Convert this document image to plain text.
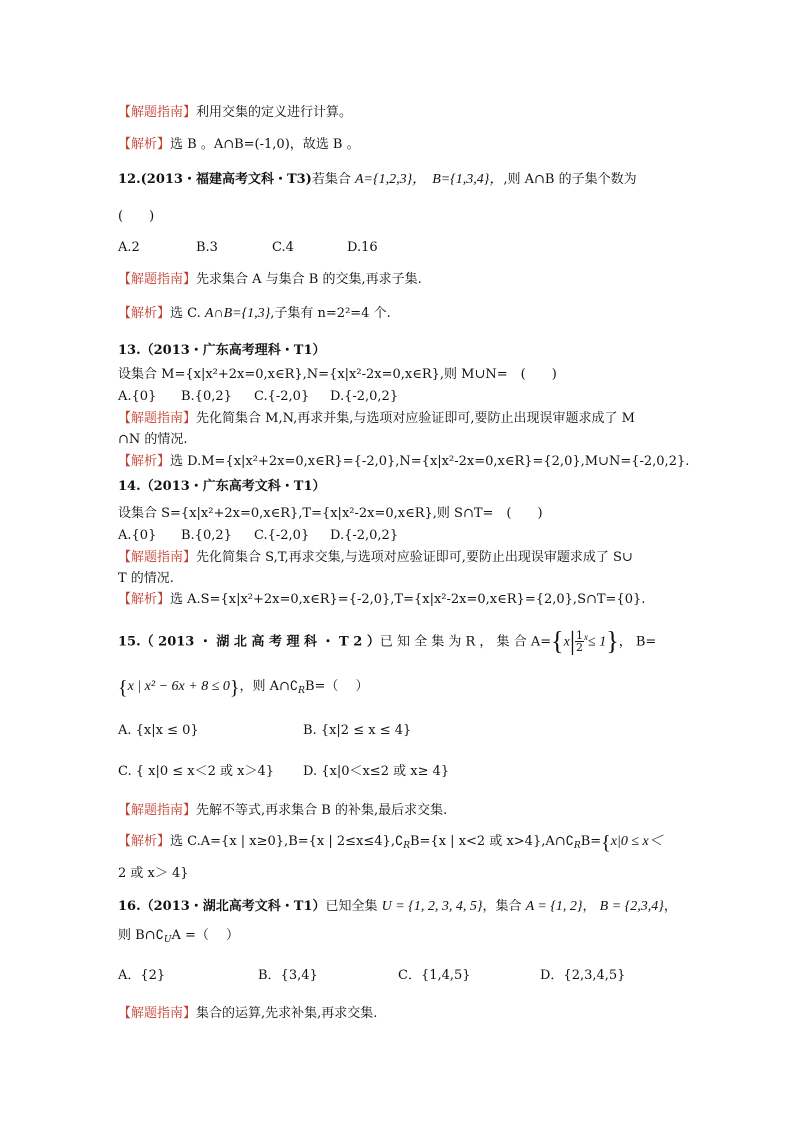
【解题指南】利用交集的定义进行计算。
【解析】选 B 。A∩B=(-1,0)，故选 B 。
12.(2013・福建高考文科・T3)若集合 A={1,2,3}，　 B={1,3,4}，,则 A∩B 的子集个数为
(　　)
A.2	B.3	C.4	D.16
【解题指南】先求集合 A 与集合 B 的交集,再求子集.
【解析】选 C. A∩B={1,3},子集有 n=2²=4 个.
13.（2013・广东高考理科・T1）
设集合 M={x|x²+2x=0,x∈R},N={x|x²-2x=0,x∈R},则 M∪N=　(　　)
A.{0} B.{0,2} C.{-2,0} D.{-2,0,2}
【解题指南】先化简集合 M,N,再求并集,与选项对应验证即可,要防止出现误审题求成了 M
∩N 的情况.
【解析】选 D.M={x|x²+2x=0,x∈R}={-2,0},N={x|x²-2x=0,x∈R}={2,0},M∪N={-2,0,2}.
14.（2013・广东高考文科・T1）
设集合 S={x|x²+2x=0,x∈R},T={x|x²-2x=0,x∈R},则 S∩T=　(　　)
A.{0} B.{0,2} C.{-2,0} D.{-2,0,2}
【解题指南】先化简集合 S,T,再求交集,与选项对应验证即可,要防止出现误审题求成了 S∪
T 的情况.
【解析】选 A.S={x|x²+2x=0,x∈R}={-2,0},T={x|x²-2x=0,x∈R}={2,0},S∩T={0}.
15.（ 2013 ・ 湖 北 高 考 理 科 ・ T 2 ）已 知 全 集 为 R ， 集 合 $A=\{x| \frac{1}{2} ^x\le 1\}$， B=
{x | x² − 6x + 8 ≤ 0}，则 $A\cap∁_RB=$（　 ）
A. {x|x ≤ 0}	B. {x|2 ≤ x ≤ 4}
C. { x|0 ≤ x＜2 或 x＞4} D. {x|0＜x≤2 或 x≥ 4}
【解题指南】先解不等式,再求集合 B 的补集,最后求交集.
【解析】选 C.A={x | x≥0},B={x | $2\le x\le 4\},∁_RB=\{x$ | x<2 或 $x>4\},A\cap∁_RB=\{x|0 \le x<$
2 或 x＞ 4}
16.（2013・湖北高考文科・T1）已知全集 U = {1, 2, 3, 4, 5}，集合 A = {1, 2}， B = {2,3,4}，
则 $B\cap∁_UA$ =（　 ）
A．{2}	B．{3,4}	C．{1,4,5}	D．{2,3,4,5}
【解题指南】集合的运算,先求补集,再求交集.
